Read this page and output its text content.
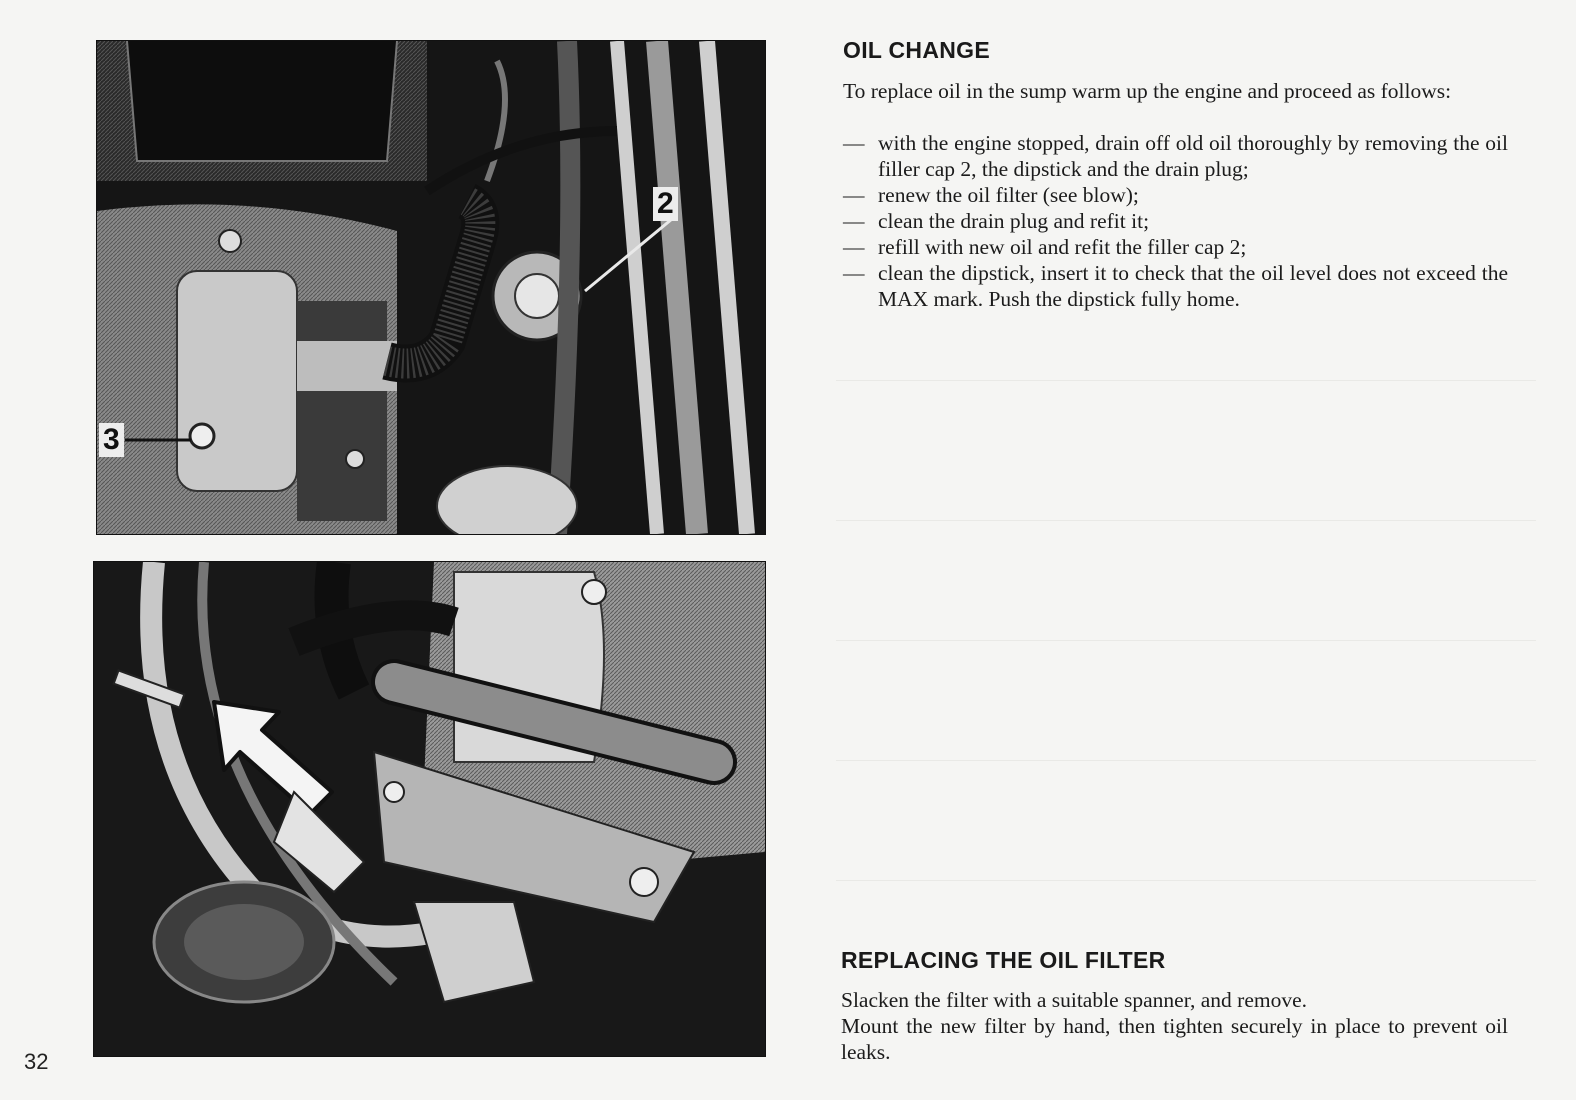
2
3
OIL CHANGE
To replace oil in the sump warm up the engine and proceed as follows:
— with the engine stopped, drain off old oil thoroughly by removing the oil filler cap 2, the dipstick and the drain plug;
— renew the oil filter (see blow);
— clean the drain plug and refit it;
— refill with new oil and refit the filler cap 2;
— clean the dipstick, insert it to check that the oil level does not exceed the MAX mark. Push the dipstick fully home.
REPLACING THE OIL FILTER

Slacken the filter with a suitable spanner, and remove.

Mount the new filter by hand, then tighten securely in place to prevent oil leaks.

32
